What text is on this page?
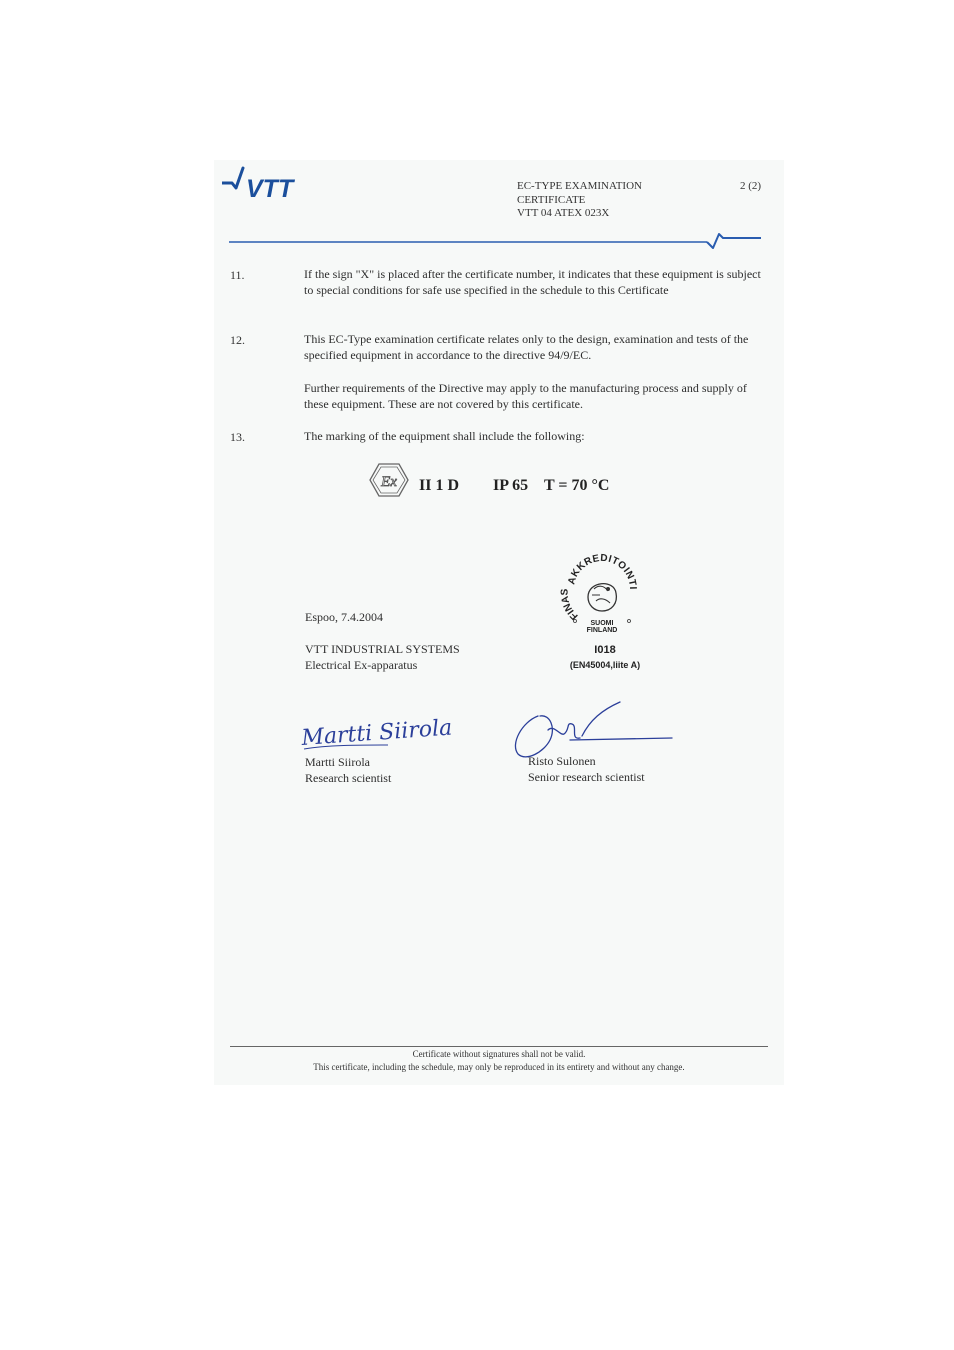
VTT	EC-TYPE EXAMINATION
CERTIFICATE
VTT 04 ATEX 023X
2 (2)
11.	If the sign "X" is placed after the certificate number, it indicates that these equipment is subject to special conditions for safe use specified in the schedule to this Certificate
12.	This EC-Type examination certificate relates only to the design, examination and tests of the specified equipment in accordance to the directive 94/9/EC.
Further requirements of the Directive may apply to the manufacturing process and supply of these equipment. These are not covered by this certificate.
13.	The marking of the equipment shall include the following:
Ex II 1 D IP 65 T = 70 °C
Espoo, 7.4.2004
VTT INDUSTRIAL SYSTEMS
Electrical Ex-apparatus
AKKREDITOINTI
FINAS
SUOMI
FINLAND
I018
(EN45004,liite A)
Martti Siirola
Martti Siirola
Research scientist
Risto Sulonen
Senior research scientist
Certificate without signatures shall not be valid.
This certificate, including the schedule, may only be reproduced in its entirety and without any change.
